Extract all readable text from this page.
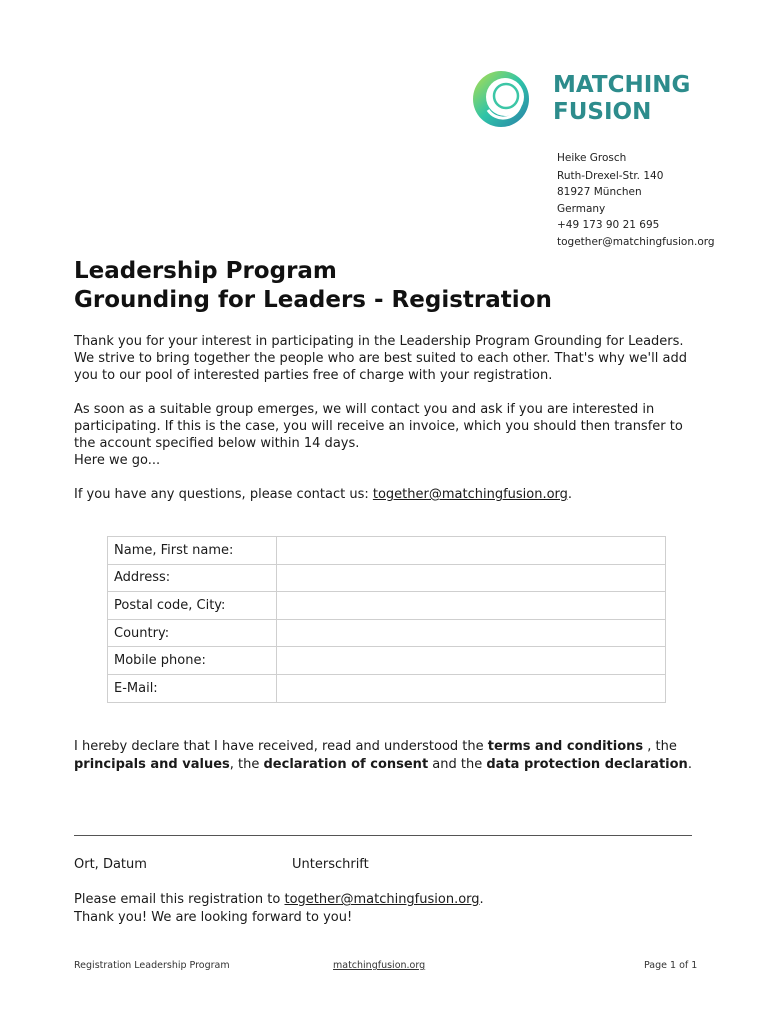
MATCHING
FUSION
Heike Grosch
Ruth-Drexel-Str. 140
81927 München
Germany
+49 173 90 21 695
together@matchingfusion.org
Leadership Program
Grounding for Leaders - Registration

Thank you for your interest in participating in the Leadership Program Grounding for Leaders. We strive to bring together the people who are best suited to each other. That's why we'll add you to our pool of interested parties free of charge with your registration.

As soon as a suitable group emerges, we will contact you and ask if you are interested in participating. If this is the case, you will receive an invoice, which you should then transfer to the account specified below within 14 days.

Here we go...

If you have any questions, please contact us: together@matchingfusion.org.

Name, First name:	
Address:	
Postal code, City:	
Country:	
Mobile phone:	
E-Mail:	

I hereby declare that I have received, read and understood the terms and conditions , the principals and values, the declaration of consent and the data protection declaration.

Ort, Datum	Unterschrift

Please email this registration to together@matchingfusion.org.

Thank you! We are looking forward to you!

Registration Leadership Program	matchingfusion.org	Page 1 of 1
